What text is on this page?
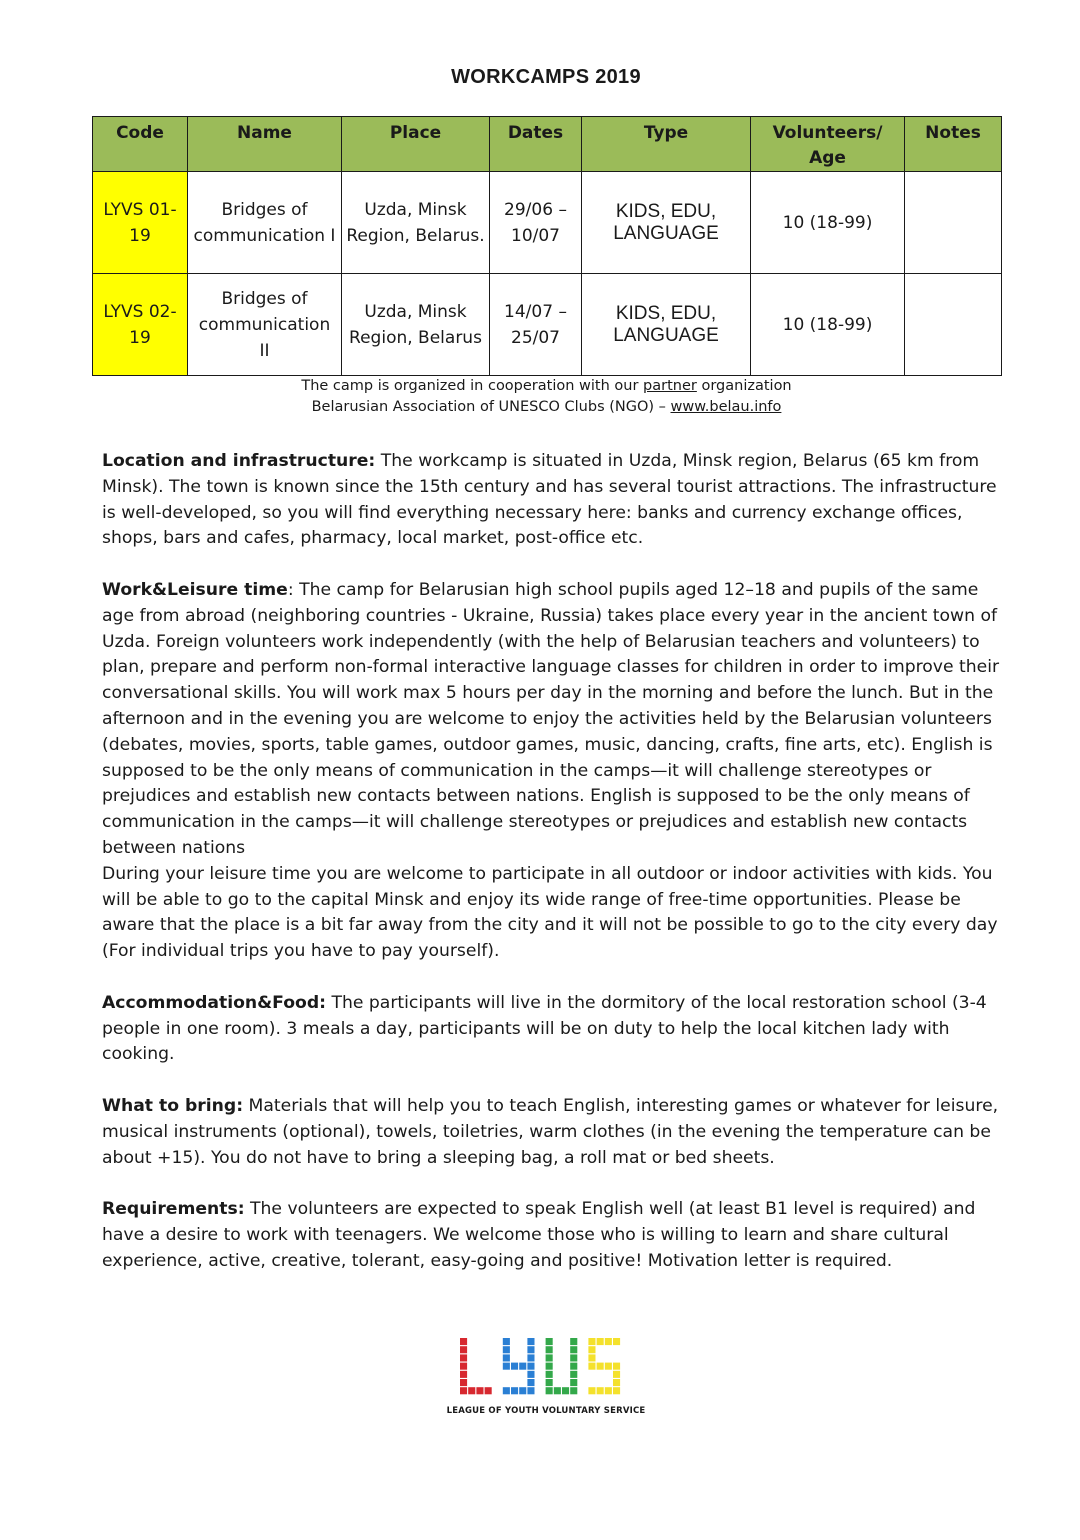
WORKCAMPS 2019
Code	Name	Place	Dates	Type	Volunteers/ Age	Notes
LYVS 01-19	Bridges of communication I	Uzda, Minsk Region, Belarus.	29/06 – 10/07	KIDS, EDU, LANGUAGE	10 (18-99)	
LYVS 02-19	Bridges of communication II	Uzda, Minsk Region, Belarus	14/07 – 25/07	KIDS, EDU, LANGUAGE	10 (18-99)	
The camp is organized in cooperation with our partner organization
Belarusian Association of UNESCO Clubs (NGO) – www.belau.info

Location and infrastructure: The workcamp is situated in Uzda, Minsk region, Belarus (65 km from Minsk). The town is known since the 15th century and has several tourist attractions. The infrastructure is well-developed, so you will find everything necessary here: banks and currency exchange offices, shops, bars and cafes, pharmacy, local market, post-office etc.

Work&Leisure time: The camp for Belarusian high school pupils aged 12–18 and pupils of the same age from abroad (neighboring countries - Ukraine, Russia) takes place every year in the ancient town of Uzda. Foreign volunteers work independently (with the help of Belarusian teachers and volunteers) to plan, prepare and perform non-formal interactive language classes for children in order to improve their conversational skills. You will work max 5 hours per day in the morning and before the lunch. But in the afternoon and in the evening you are welcome to enjoy the activities held by the Belarusian volunteers (debates, movies, sports, table games, outdoor games, music, dancing, crafts, fine arts, etc). English is supposed to be the only means of communication in the camps—it will challenge stereotypes or prejudices and establish new contacts between nations. English is supposed to be the only means of communication in the camps—it will challenge stereotypes or prejudices and establish new contacts between nations

During your leisure time you are welcome to participate in all outdoor or indoor activities with kids. You will be able to go to the capital Minsk and enjoy its wide range of free-time opportunities. Please be aware that the place is a bit far away from the city and it will not be possible to go to the city every day (For individual trips you have to pay yourself).

Accommodation&Food: The participants will live in the dormitory of the local restoration school (3-4 people in one room). 3 meals a day, participants will be on duty to help the local kitchen lady with cooking.

What to bring: Materials that will help you to teach English, interesting games or whatever for leisure, musical instruments (optional), towels, toiletries, warm clothes (in the evening the temperature can be about +15). You do not have to bring a sleeping bag, a roll mat or bed sheets.

Requirements: The volunteers are expected to speak English well (at least B1 level is required) and have a desire to work with teenagers. We welcome those who is willing to learn and share cultural experience, active, creative, tolerant, easy-going and positive! Motivation letter is required.

LEAGUE OF YOUTH VOLUNTARY SERVICE
